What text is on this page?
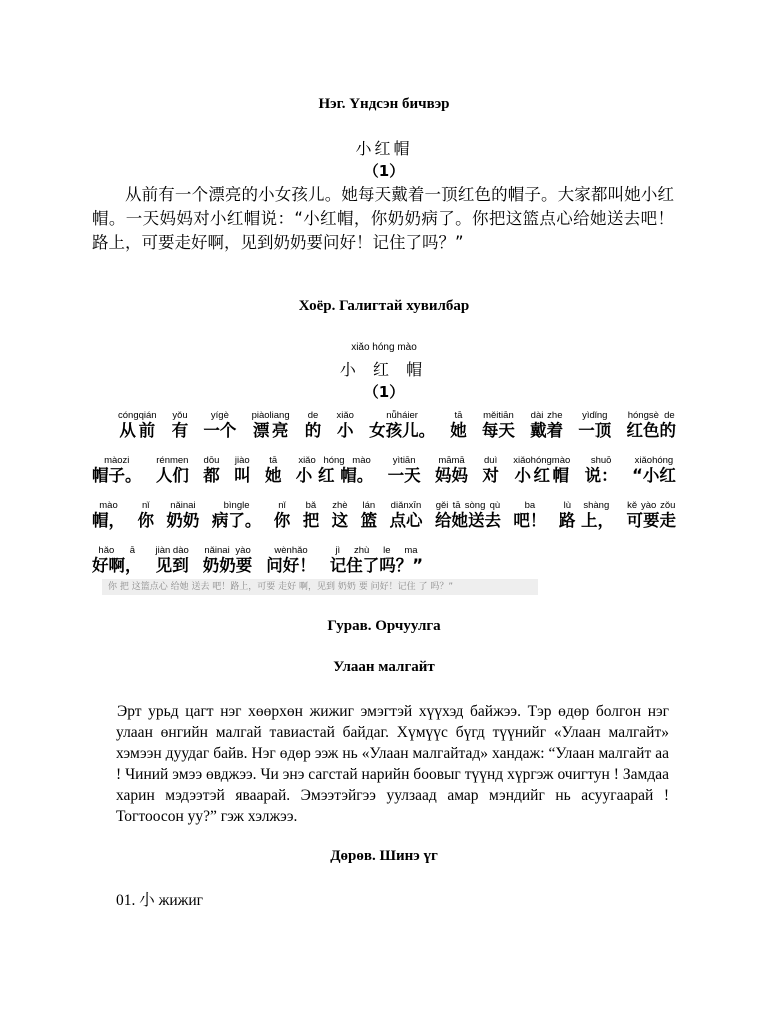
Нэг. Үндсэн бичвэр
小红帽
（1）
从前有一个漂亮的小女孩儿。她每天戴着一顶红色的帽子。大家都叫她小红帽。一天妈妈对小红帽说：“小红帽，你奶奶病了。你把这篮点心给她送去吧！路上，可要走好啊，见到奶奶要问好！记住了吗？”
Хоёр. Галигтай хувилбар
xiǎo hóng mào
小 红 帽
（1）
从前cóngqián
有yǒu
一个yígè
漂亮piàoliang
的de
小xiǎo
女孩儿。nǚháier
她tā
每天měitiān
戴着dài zhe
一顶yìdǐng
红色的hóngsè de
帽子。màozi
人们rénmen
都dōu
叫jiào
她tā
小 红 帽。xiǎo hóng mào
一天yìtiān
妈妈māmā
对duì
小红帽xiǎohóngmào
说：shuō
“小红xiǎohóng
帽，mào
你nǐ
奶奶nǎinai
病了。bìngle
你nǐ
把bǎ
这zhè
篮lán
点心diǎnxīn
给她送去gěi tā sòng qù
吧！ba
路 上，lù shàng
可要走kě yào zǒu
好啊，hǎo ā
见到jiàn dào
奶奶要nǎinai yào
问好！wènhǎo
记住了吗？”jì zhù le ma
你 把 这篮点心 给她 送去 吧！路上，可要 走好 啊，见到 奶奶 要 问好！记住 了 吗？”
Гурав. Орчуулга
Улаан малгайт
Эрт урьд цагт нэг хөөрхөн жижиг эмэгтэй хүүхэд байжээ. Тэр өдөр болгон нэг улаан өнгийн малгай тавиастай байдаг. Хүмүүс бүгд түүнийг «Улаан малгайт» хэмээн дуудаг байв. Нэг өдөр ээж нь «Улаан малгайтад» хандаж: “Улаан малгайт аа ! Чиний эмээ өвджээ. Чи энэ сагстай нарийн боовыг түүнд хүргэж очигтун ! Замдаа харин мэдээтэй яваарай. Эмээтэйгээ уулзаад амар мэндийг нь асуугаарай ! Тогтоосон уу?” гэж хэлжээ.
Дөрөв. Шинэ үг
01. 小 жижиг
